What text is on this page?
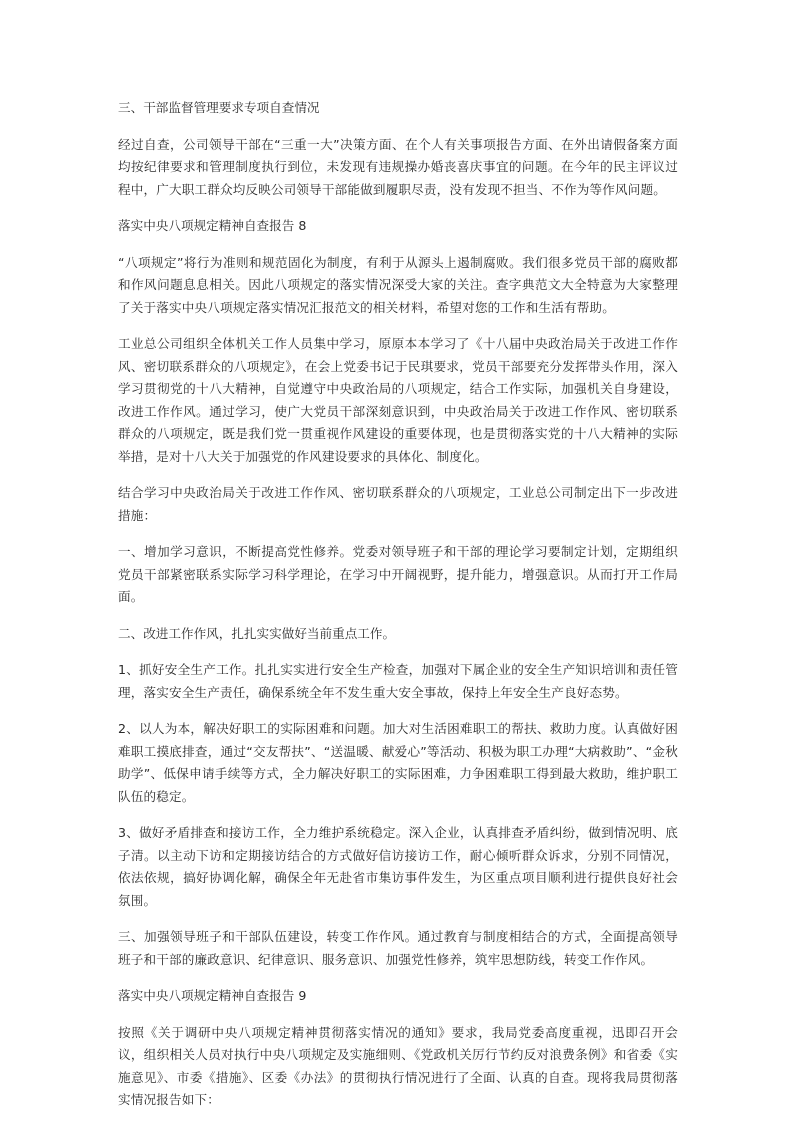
三、干部监督管理要求专项自查情况

经过自查，公司领导干部在“三重一大”决策方面、在个人有关事项报告方面、在外出请假备案方面均按纪律要求和管理制度执行到位，未发现有违规操办婚丧喜庆事宜的问题。在今年的民主评议过程中，广大职工群众均反映公司领导干部能做到履职尽责，没有发现不担当、不作为等作风问题。

落实中央八项规定精神自查报告 8

“八项规定”将行为准则和规范固化为制度，有利于从源头上遏制腐败。我们很多党员干部的腐败都和作风问题息息相关。因此八项规定的落实情况深受大家的关注。查字典范文大全特意为大家整理了关于落实中央八项规定落实情况汇报范文的相关材料，希望对您的工作和生活有帮助。

工业总公司组织全体机关工作人员集中学习，原原本本学习了《十八届中央政治局关于改进工作作风、密切联系群众的八项规定》，在会上党委书记于民琪要求，党员干部要充分发挥带头作用，深入学习贯彻党的十八大精神，自觉遵守中央政治局的八项规定，结合工作实际，加强机关自身建设，改进工作作风。通过学习，使广大党员干部深刻意识到，中央政治局关于改进工作作风、密切联系群众的八项规定，既是我们党一贯重视作风建设的重要体现，也是贯彻落实党的十八大精神的实际举措，是对十八大关于加强党的作风建设要求的具体化、制度化。

结合学习中央政治局关于改进工作作风、密切联系群众的八项规定，工业总公司制定出下一步改进措施：

一、增加学习意识，不断提高党性修养。党委对领导班子和干部的理论学习要制定计划，定期组织党员干部紧密联系实际学习科学理论，在学习中开阔视野，提升能力，增强意识。从而打开工作局面。

二、改进工作作风，扎扎实实做好当前重点工作。

1、抓好安全生产工作。扎扎实实进行安全生产检查，加强对下属企业的安全生产知识培训和责任管理，落实安全生产责任，确保系统全年不发生重大安全事故，保持上年安全生产良好态势。

2、以人为本，解决好职工的实际困难和问题。加大对生活困难职工的帮扶、救助力度。认真做好困难职工摸底排查，通过“交友帮扶”、“送温暖、献爱心”等活动、积极为职工办理“大病救助”、“金秋助学”、低保申请手续等方式，全力解决好职工的实际困难，力争困难职工得到最大救助，维护职工队伍的稳定。

3、做好矛盾排查和接访工作，全力维护系统稳定。深入企业，认真排查矛盾纠纷，做到情况明、底子清。以主动下访和定期接访结合的方式做好信访接访工作，耐心倾听群众诉求，分别不同情况，依法依规，搞好协调化解，确保全年无赴省市集访事件发生，为区重点项目顺利进行提供良好社会氛围。

三、加强领导班子和干部队伍建设，转变工作作风。通过教育与制度相结合的方式，全面提高领导班子和干部的廉政意识、纪律意识、服务意识、加强党性修养，筑牢思想防线，转变工作作风。

落实中央八项规定精神自查报告 9

按照《关于调研中央八项规定精神贯彻落实情况的通知》要求，我局党委高度重视，迅即召开会议，组织相关人员对执行中央八项规定及实施细则、《党政机关厉行节约反对浪费条例》和省委《实施意见》、市委《措施》、区委《办法》的贯彻执行情况进行了全面、认真的自查。现将我局贯彻落实情况报告如下：
